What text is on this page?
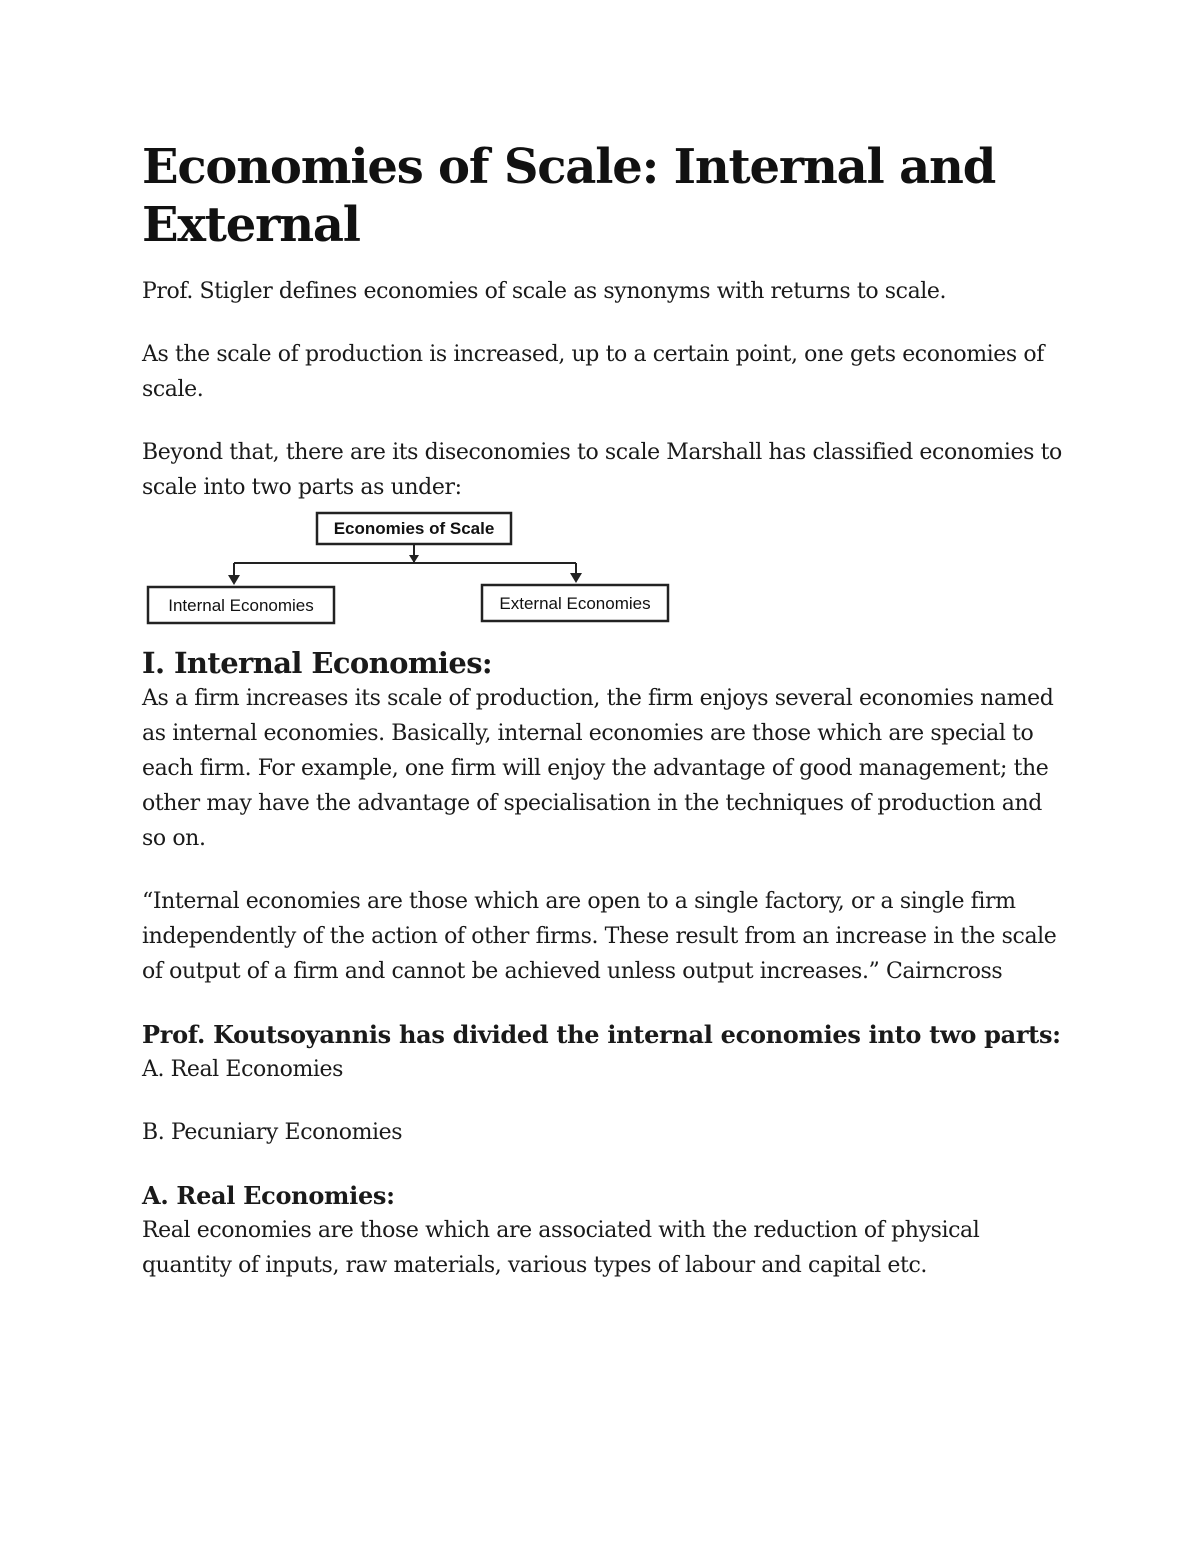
Economies of Scale: Internal and External

Prof. Stigler defines economies of scale as synonyms with returns to scale.

As the scale of production is increased, up to a certain point, one gets economies of scale.

Beyond that, there are its diseconomies to scale Marshall has classified economies to scale into two parts as under:

Economies of Scale
Internal Economies	External Economies
I. Internal Economies:

As a firm increases its scale of production, the firm enjoys several economies named as internal economies. Basically, internal economies are those which are special to each firm. For example, one firm will enjoy the advantage of good management; the other may have the advantage of specialisation in the techniques of production and so on.

“Internal economies are those which are open to a single factory, or a single firm independently of the action of other firms. These result from an increase in the scale of output of a firm and cannot be achieved unless output increases.” Cairncross

Prof. Koutsoyannis has divided the internal economies into two parts:

A. Real Economies

B. Pecuniary Economies

A. Real Economies:

Real economies are those which are associated with the reduction of physical quantity of inputs, raw materials, various types of labour and capital etc.
